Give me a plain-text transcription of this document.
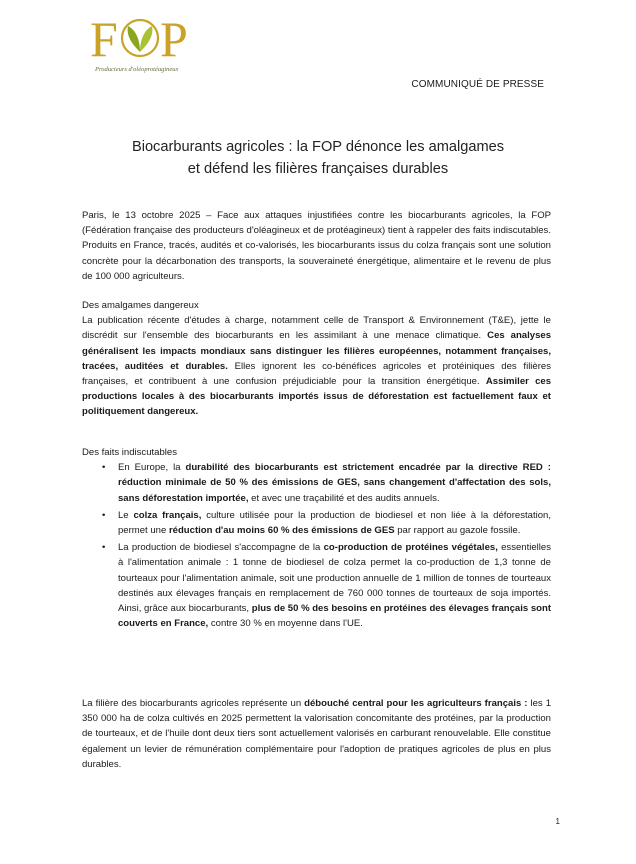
F P
Producteurs d'oléoprotéagineux
COMMUNIQUÉ DE PRESSE
Biocarburants agricoles : la FOP dénonce les amalgames
et défend les filières françaises durables

Paris, le 13 octobre 2025 – Face aux attaques injustifiées contre les biocarburants agricoles, la FOP (Fédération française des producteurs d'oléagineux et de protéagineux) tient à rappeler des faits indiscutables. Produits en France, tracés, audités et co-valorisés, les biocarburants issus du colza français sont une solution concrète pour la décarbonation des transports, la souveraineté énergétique, alimentaire et le revenu de plus de 100 000 agriculteurs.

Des amalgames dangereux

La publication récente d'études à charge, notamment celle de Transport & Environnement (T&E), jette le discrédit sur l'ensemble des biocarburants en les assimilant à une menace climatique. Ces analyses généralisent les impacts mondiaux sans distinguer les filières européennes, notamment françaises, tracées, auditées et durables. Elles ignorent les co-bénéfices agricoles et protéiniques des filières françaises, et contribuent à une confusion préjudiciable pour la transition énergétique. Assimiler ces productions locales à des biocarburants importés issus de déforestation est factuellement faux et politiquement dangereux.

Des faits indiscutables
• En Europe, la durabilité des biocarburants est strictement encadrée par la directive RED : réduction minimale de 50 % des émissions de GES, sans changement d'affectation des sols, sans déforestation importée, et avec une traçabilité et des audits annuels.
• Le colza français, culture utilisée pour la production de biodiesel et non liée à la déforestation, permet une réduction d'au moins 60 % des émissions de GES par rapport au gazole fossile.
• La production de biodiesel s'accompagne de la co-production de protéines végétales, essentielles à l'alimentation animale : 1 tonne de biodiesel de colza permet la co-production de 1,3 tonne de tourteaux pour l'alimentation animale, soit une production annuelle de 1 million de tonnes de tourteaux destinés aux élevages français en remplacement de 760 000 tonnes de tourteaux de soja importés. Ainsi, grâce aux biocarburants, plus de 50 % des besoins en protéines des élevages français sont couverts en France, contre 30 % en moyenne dans l'UE.

La filière des biocarburants agricoles représente un débouché central pour les agriculteurs français : les 1 350 000 ha de colza cultivés en 2025 permettent la valorisation concomitante des protéines, par la production de tourteaux, et de l'huile dont deux tiers sont actuellement valorisés en carburant renouvelable. Elle constitue également un levier de rémunération complémentaire pour l'adoption de pratiques agricoles de plus en plus durables.

1
